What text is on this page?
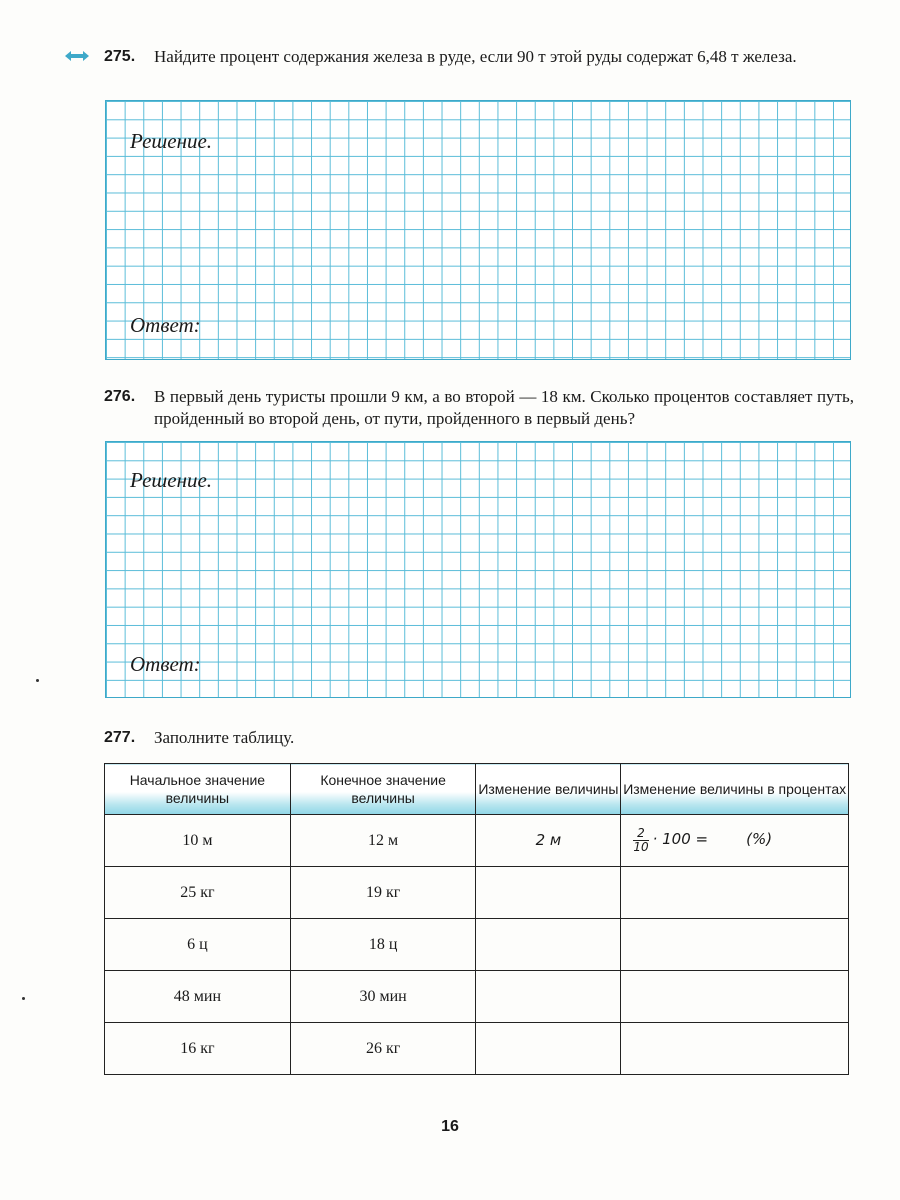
275.	Найдите процент содержания железа в руде, если 90 т этой руды содержат 6,48 т железа.
Решение.
Ответ:
276.	В первый день туристы прошли 9 км, а во второй — 18 км. Сколько процентов составляет путь, пройденный во второй день, от пути, пройденного в первый день?
Решение.
Ответ:
277.	Заполните таблицу.
Начальное значение величины	Конечное значение величины	Изменение величины	Изменение величины в процентах
10 м	12 м	2 м	$\frac{2}{10} \cdot 100$ = (%)
25 кг	19 кг		
6 ц	18 ц		
48 мин	30 мин		
16 кг	26 кг		
16
